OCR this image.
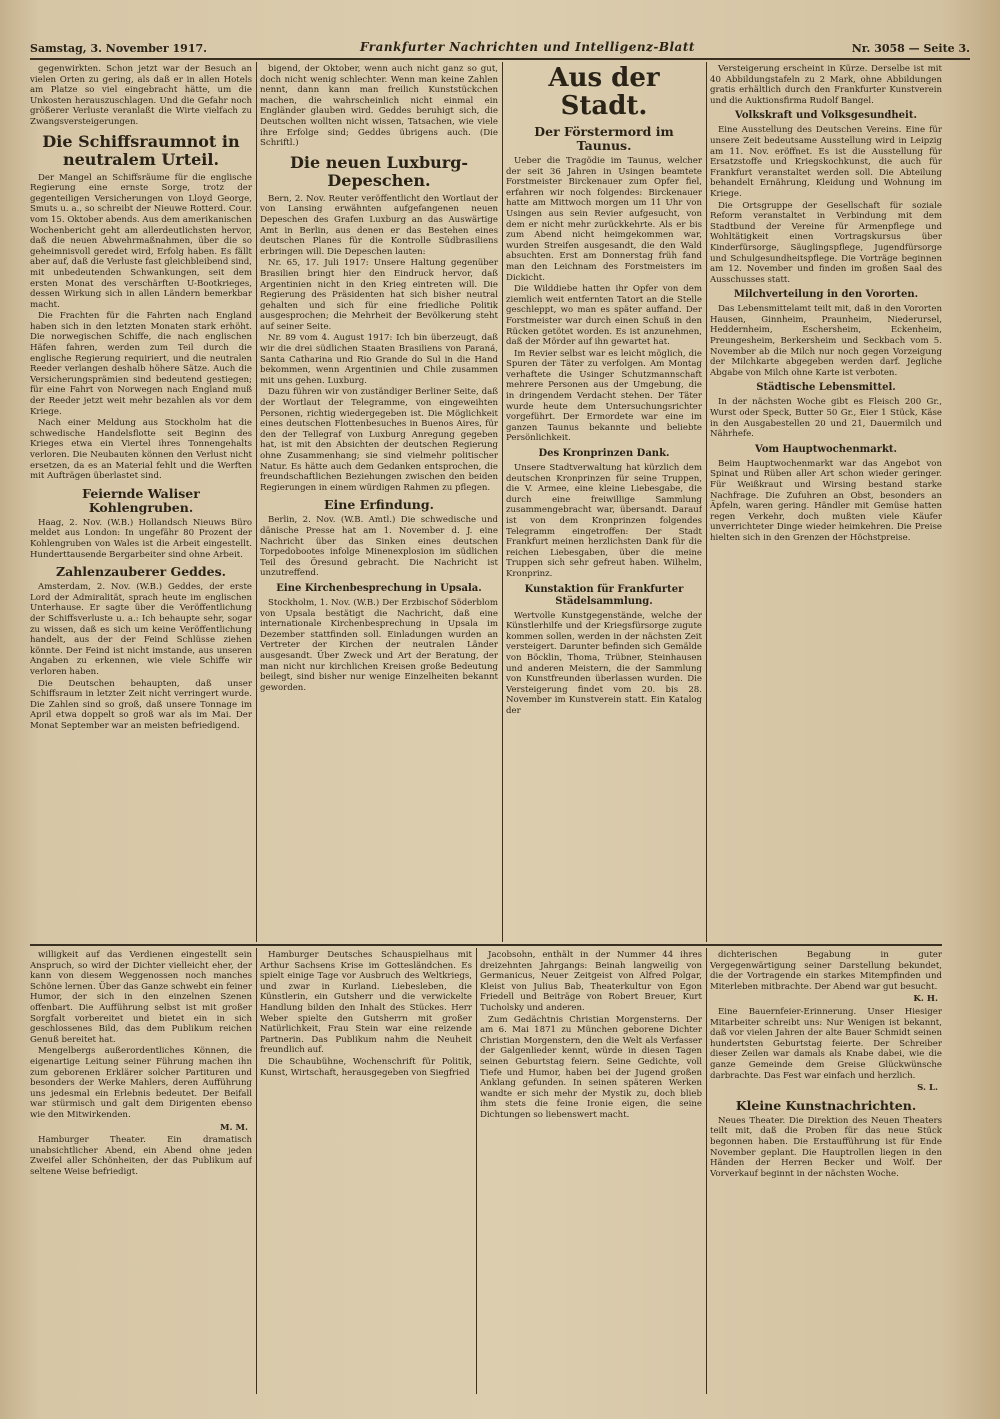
Samstag, 3. November 1917.	Frankfurter Nachrichten und Intelligenz-Blatt	Nr. 3058 — Seite 3.

gegenwirkten. Schon jetzt war der Besuch an vielen Orten zu gering, als daß er in allen Hotels am Platze so viel eingebracht hätte, um die Unkosten herauszuschlagen. Und die Gefahr noch größerer Verluste veranlaßt die Wirte vielfach zu Zwangsversteigerungen.

Die Schiffsraumnot in neutralem Urteil.

Der Mangel an Schiffsräume für die englische Regierung eine ernste Sorge, trotz der gegenteiligen Versicherungen von Lloyd George, Smuts u. a., so schreibt der Nieuwe Rotterd. Cour. vom 15. Oktober abends. Aus dem amerikanischen Wochenbericht geht am allerdeutlichsten hervor, daß die neuen Abwehrmaßnahmen, über die so geheimnisvoll geredet wird, Erfolg haben. Es fällt aber auf, daß die Verluste fast gleichbleibend sind, mit unbedeutenden Schwankungen, seit dem ersten Monat des verschärften U-Bootkrieges, dessen Wirkung sich in allen Ländern bemerkbar macht.

Die Frachten für die Fahrten nach England haben sich in den letzten Monaten stark erhöht. Die norwegischen Schiffe, die nach englischen Häfen fahren, werden zum Teil durch die englische Regierung requiriert, und die neutralen Reeder verlangen deshalb höhere Sätze. Auch die Versicherungsprämien sind bedeutend gestiegen; für eine Fahrt von Norwegen nach England muß der Reeder jetzt weit mehr bezahlen als vor dem Kriege.

Nach einer Meldung aus Stockholm hat die schwedische Handelsflotte seit Beginn des Krieges etwa ein Viertel ihres Tonnengehalts verloren. Die Neubauten können den Verlust nicht ersetzen, da es an Material fehlt und die Werften mit Aufträgen überlastet sind.

Feiernde Waliser Kohlengruben.

Haag, 2. Nov. (W.B.) Hollandsch Nieuws Büro meldet aus London: In ungefähr 80 Prozent der Kohlengruben von Wales ist die Arbeit eingestellt. Hunderttausende Bergarbeiter sind ohne Arbeit.

Zahlenzauberer Geddes.

Amsterdam, 2. Nov. (W.B.) Geddes, der erste Lord der Admiralität, sprach heute im englischen Unterhause. Er sagte über die Veröffentlichung der Schiffsverluste u. a.: Ich behaupte sehr, sogar zu wissen, daß es sich um keine Veröffentlichung handelt, aus der der Feind Schlüsse ziehen könnte. Der Feind ist nicht imstande, aus unseren Angaben zu erkennen, wie viele Schiffe wir verloren haben.

Die Deutschen behaupten, daß unser Schiffsraum in letzter Zeit nicht verringert wurde. Die Zahlen sind so groß, daß unsere Tonnage im April etwa doppelt so groß war als im Mai. Der Monat September war an meisten befriedigend.

bigend, der Oktober, wenn auch nicht ganz so gut, doch nicht wenig schlechter. Wenn man keine Zahlen nennt, dann kann man freilich Kunststückchen machen, die wahrscheinlich nicht einmal ein Engländer glauben wird. Geddes beruhigt sich, die Deutschen wollten nicht wissen, Tatsachen, wie viele ihre Erfolge sind; Geddes übrigens auch. (Die Schriftl.)

Die neuen Luxburg-Depeschen.

Bern, 2. Nov. Reuter veröffentlicht den Wortlaut der von Lansing erwähnten aufgefangenen neuen Depeschen des Grafen Luxburg an das Auswärtige Amt in Berlin, aus denen er das Bestehen eines deutschen Planes für die Kontrolle Südbrasiliens erbringen will. Die Depeschen lauten:

Nr. 65, 17. Juli 1917: Unsere Haltung gegenüber Brasilien bringt hier den Eindruck hervor, daß Argentinien nicht in den Krieg eintreten will. Die Regierung des Präsidenten hat sich bisher neutral gehalten und sich für eine friedliche Politik ausgesprochen; die Mehrheit der Bevölkerung steht auf seiner Seite.

Nr. 89 vom 4. August 1917: Ich bin überzeugt, daß wir die drei südlichen Staaten Brasiliens von Paraná, Santa Catharina und Rio Grande do Sul in die Hand bekommen, wenn Argentinien und Chile zusammen mit uns gehen. Luxburg.

Dazu führen wir von zuständiger Berliner Seite, daß der Wortlaut der Telegramme, von eingeweihten Personen, richtig wiedergegeben ist. Die Möglichkeit eines deutschen Flottenbesuches in Buenos Aires, für den der Tellegraf von Luxburg Anregung gegeben hat, ist mit den Absichten der deutschen Regierung ohne Zusammenhang; sie sind vielmehr politischer Natur. Es hätte auch dem Gedanken entsprochen, die freundschaftlichen Beziehungen zwischen den beiden Regierungen in einem würdigen Rahmen zu pflegen.

Eine Erfindung.

Berlin, 2. Nov. (W.B. Amtl.) Die schwedische und dänische Presse hat am 1. November d. J. eine Nachricht über das Sinken eines deutschen Torpedobootes infolge Minenexplosion im südlichen Teil des Öresund gebracht. Die Nachricht ist unzutreffend.

Eine Kirchenbesprechung in Upsala.

Stockholm, 1. Nov. (W.B.) Der Erzbischof Söderblom von Upsala bestätigt die Nachricht, daß eine internationale Kirchenbesprechung in Upsala im Dezember stattfinden soll. Einladungen wurden an Vertreter der Kirchen der neutralen Länder ausgesandt. Über Zweck und Art der Beratung, der man nicht nur kirchlichen Kreisen große Bedeutung beilegt, sind bisher nur wenige Einzelheiten bekannt geworden.

Aus der Stadt.
Der Förstermord im Taunus.

Ueber die Tragödie im Taunus, welcher der seit 36 Jahren in Usingen beamtete Forstmeister Birckenauer zum Opfer fiel, erfahren wir noch folgendes: Birckenauer hatte am Mittwoch morgen um 11 Uhr von Usingen aus sein Revier aufgesucht, von dem er nicht mehr zurückkehrte. Als er bis zum Abend nicht heimgekommen war, wurden Streifen ausgesandt, die den Wald absuchten. Erst am Donnerstag früh fand man den Leichnam des Forstmeisters im Dickicht.

Die Wilddiebe hatten ihr Opfer von dem ziemlich weit entfernten Tatort an die Stelle geschleppt, wo man es später auffand. Der Forstmeister war durch einen Schuß in den Rücken getötet worden. Es ist anzunehmen, daß der Mörder auf ihn gewartet hat.

Im Revier selbst war es leicht möglich, die Spuren der Täter zu verfolgen. Am Montag verhaftete die Usinger Schutzmannschaft mehrere Personen aus der Umgebung, die in dringendem Verdacht stehen. Der Täter wurde heute dem Untersuchungsrichter vorgeführt. Der Ermordete war eine im ganzen Taunus bekannte und beliebte Persönlichkeit.

Des Kronprinzen Dank.

Unsere Stadtverwaltung hat kürzlich dem deutschen Kronprinzen für seine Truppen, die V. Armee, eine kleine Liebesgabe, die durch eine freiwillige Sammlung zusammengebracht war, übersandt. Darauf ist von dem Kronprinzen folgendes Telegramm eingetroffen: Der Stadt Frankfurt meinen herzlichsten Dank für die reichen Liebesgaben, über die meine Truppen sich sehr gefreut haben. Wilhelm, Kronprinz.

Kunstaktion für Frankfurter Städelsammlung.

Wertvolle Kunstgegenstände, welche der Künstlerhilfe und der Kriegsfürsorge zugute kommen sollen, werden in der nächsten Zeit versteigert. Darunter befinden sich Gemälde von Böcklin, Thoma, Trübner, Steinhausen und anderen Meistern, die der Sammlung von Kunstfreunden überlassen wurden. Die Versteigerung findet vom 20. bis 28. November im Kunstverein statt. Ein Katalog der

Versteigerung erscheint in Kürze. Derselbe ist mit 40 Abbildungstafeln zu 2 Mark, ohne Abbildungen gratis erhältlich durch den Frankfurter Kunstverein und die Auktionsfirma Rudolf Bangel.

Volkskraft und Volksgesundheit.

Eine Ausstellung des Deutschen Vereins. Eine für unsere Zeit bedeutsame Ausstellung wird in Leipzig am 11. Nov. eröffnet. Es ist die Ausstellung für Ersatzstoffe und Kriegskochkunst, die auch für Frankfurt veranstaltet werden soll. Die Abteilung behandelt Ernährung, Kleidung und Wohnung im Kriege.

Die Ortsgruppe der Gesellschaft für soziale Reform veranstaltet in Verbindung mit dem Stadtbund der Vereine für Armenpflege und Wohltätigkeit einen Vortragskursus über Kinderfürsorge, Säuglingspflege, Jugendfürsorge und Schulgesundheitspflege. Die Vorträge beginnen am 12. November und finden im großen Saal des Ausschusses statt.

Milchverteilung in den Vororten.

Das Lebensmittelamt teilt mit, daß in den Vororten Hausen, Ginnheim, Praunheim, Niederursel, Heddernheim, Eschersheim, Eckenheim, Preungesheim, Berkersheim und Seckbach vom 5. November ab die Milch nur noch gegen Vorzeigung der Milchkarte abgegeben werden darf. Jegliche Abgabe von Milch ohne Karte ist verboten.

Städtische Lebensmittel.

In der nächsten Woche gibt es Fleisch 200 Gr., Wurst oder Speck, Butter 50 Gr., Eier 1 Stück, Käse in den Ausgabestellen 20 und 21, Dauermilch und Nährhefe.

Vom Hauptwochenmarkt.

Beim Hauptwochenmarkt war das Angebot von Spinat und Rüben aller Art schon wieder geringer. Für Weißkraut und Wirsing bestand starke Nachfrage. Die Zufuhren an Obst, besonders an Äpfeln, waren gering. Händler mit Gemüse hatten regen Verkehr, doch mußten viele Käufer unverrichteter Dinge wieder heimkehren. Die Preise hielten sich in den Grenzen der Höchstpreise.

willigkeit auf das Verdienen eingestellt sein Anspruch, so wird der Dichter vielleicht eher, der kann von diesem Weggenossen noch manches Schöne lernen. Über das Ganze schwebt ein feiner Humor, der sich in den einzelnen Szenen offenbart. Die Aufführung selbst ist mit großer Sorgfalt vorbereitet und bietet ein in sich geschlossenes Bild, das dem Publikum reichen Genuß bereitet hat.

Mengelbergs außerordentliches Können, die eigenartige Leitung seiner Führung machen ihn zum geborenen Erklärer solcher Partituren und besonders der Werke Mahlers, deren Aufführung uns jedesmal ein Erlebnis bedeutet. Der Beifall war stürmisch und galt dem Dirigenten ebenso wie den Mitwirkenden.

M. M.

Hamburger Theater. Ein dramatisch unabsichtlicher Abend, ein Abend ohne jeden Zweifel aller Schönheiten, der das Publikum auf seltene Weise befriedigt.

Hamburger Deutsches Schauspielhaus mit Arthur Sachsens Krise im Gottesländchen. Es spielt einige Tage vor Ausbruch des Weltkriegs, und zwar in Kurland. Liebesleben, die Künstlerin, ein Gutsherr und die verwickelte Handlung bilden den Inhalt des Stückes. Herr Weber spielte den Gutsherrn mit großer Natürlichkeit, Frau Stein war eine reizende Partnerin. Das Publikum nahm die Neuheit freundlich auf.

Die Schaubühne, Wochenschrift für Politik, Kunst, Wirtschaft, herausgegeben von Siegfried

Jacobsohn, enthält in der Nummer 44 ihres dreizehnten Jahrgangs: Beinah langweilig von Germanicus, Neuer Zeitgeist von Alfred Polgar, Kleist von Julius Bab, Theaterkultur von Egon Friedell und Beiträge von Robert Breuer, Kurt Tucholsky und anderen.

Zum Gedächtnis Christian Morgensterns. Der am 6. Mai 1871 zu München geborene Dichter Christian Morgenstern, den die Welt als Verfasser der Galgenlieder kennt, würde in diesen Tagen seinen Geburtstag feiern. Seine Gedichte, voll Tiefe und Humor, haben bei der Jugend großen Anklang gefunden. In seinen späteren Werken wandte er sich mehr der Mystik zu, doch blieb ihm stets die feine Ironie eigen, die seine Dichtungen so liebenswert macht.

dichterischen Begabung in guter Vergegenwärtigung seiner Darstellung bekundet, die der Vortragende ein starkes Mitempfinden und Miterleben mitbrachte. Der Abend war gut besucht.

K. H.

Eine Bauernfeier-Erinnerung. Unser Hiesiger Mitarbeiter schreibt uns: Nur Wenigen ist bekannt, daß vor vielen Jahren der alte Bauer Schmidt seinen hundertsten Geburtstag feierte. Der Schreiber dieser Zeilen war damals als Knabe dabei, wie die ganze Gemeinde dem Greise Glückwünsche darbrachte. Das Fest war einfach und herzlich.

S. L.
Kleine Kunstnachrichten.

Neues Theater. Die Direktion des Neuen Theaters teilt mit, daß die Proben für das neue Stück begonnen haben. Die Erstaufführung ist für Ende November geplant. Die Hauptrollen liegen in den Händen der Herren Becker und Wolf. Der Vorverkauf beginnt in der nächsten Woche.
